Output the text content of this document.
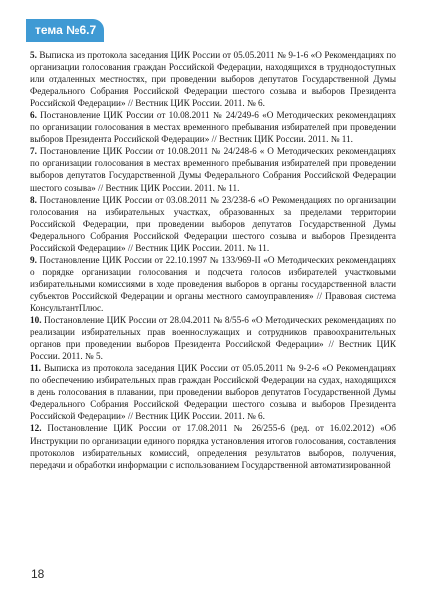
тема №6.7

5. Выписка из протокола заседания ЦИК России от 05.05.2011 № 9-1-6 «О Рекомендациях по организации голосования граждан Российской Федерации, находящихся в труднодоступных или отдаленных местностях, при проведении выборов депутатов Государственной Думы Федерального Собрания Российской Федерации шестого созыва и выборов Президента Российской Федерации» // Вестник ЦИК России. 2011. № 6.

6. Постановление ЦИК России от 10.08.2011 № 24/249-6 «О Методических рекомендациях по организации голосования в местах временного пребывания избирателей при проведении выборов Президента Российской Федерации» // Вестник ЦИК России. 2011. № 11.

7. Постановление ЦИК России от 10.08.2011 № 24/248-6 « О Методических рекомендациях по организации голосования в местах временного пребывания избирателей при проведении выборов депутатов Государственной Думы Федерального Собрания Российской Федерации шестого созыва» // Вестник ЦИК России. 2011. № 11.

8. Постановление ЦИК России от 03.08.2011 № 23/238-6 «О Рекомендациях по организации голосования на избирательных участках, образованных за пределами территории Российской Федерации, при проведении выборов депутатов Государственной Думы Федерального Собрания Российской Федерации шестого созыва и выборов Президента Российской Федерации» // Вестник ЦИК России. 2011. № 11.

9. Постановление ЦИК России от 22.10.1997 № 133/969-II «О Методических рекомендациях о порядке организации голосования и подсчета голосов избирателей участковыми избирательными комиссиями в ходе проведения выборов в органы государственной власти субъектов Российской Федерации и органы местного самоуправления» // Правовая система КонсультантПлюс.

10. Постановление ЦИК России от 28.04.2011 № 8/55-6 «О Методических рекомендациях по реализации избирательных прав военнослужащих и сотрудников правоохранительных органов при проведении выборов Президента Российской Федерации» // Вестник ЦИК России. 2011. № 5.

11. Выписка из протокола заседания ЦИК России от 05.05.2011 № 9-2-6 «О Рекомендациях по обеспечению избирательных прав граждан Российской Федерации на судах, находящихся в день голосования в плавании, при проведении выборов депутатов Государственной Думы Федерального Собрания Российской Федерации шестого созыва и выборов Президента Российской Федерации» // Вестник ЦИК России. 2011. № 6.

12. Постановление ЦИК России от 17.08.2011 № 26/255-6 (ред. от 16.02.2012) «Об Инструкции по организации единого порядка установления итогов голосования, составления протоколов избирательных комиссий, определения результатов выборов, получения, передачи и обработки информации с использованием Государственной автоматизированной

18
